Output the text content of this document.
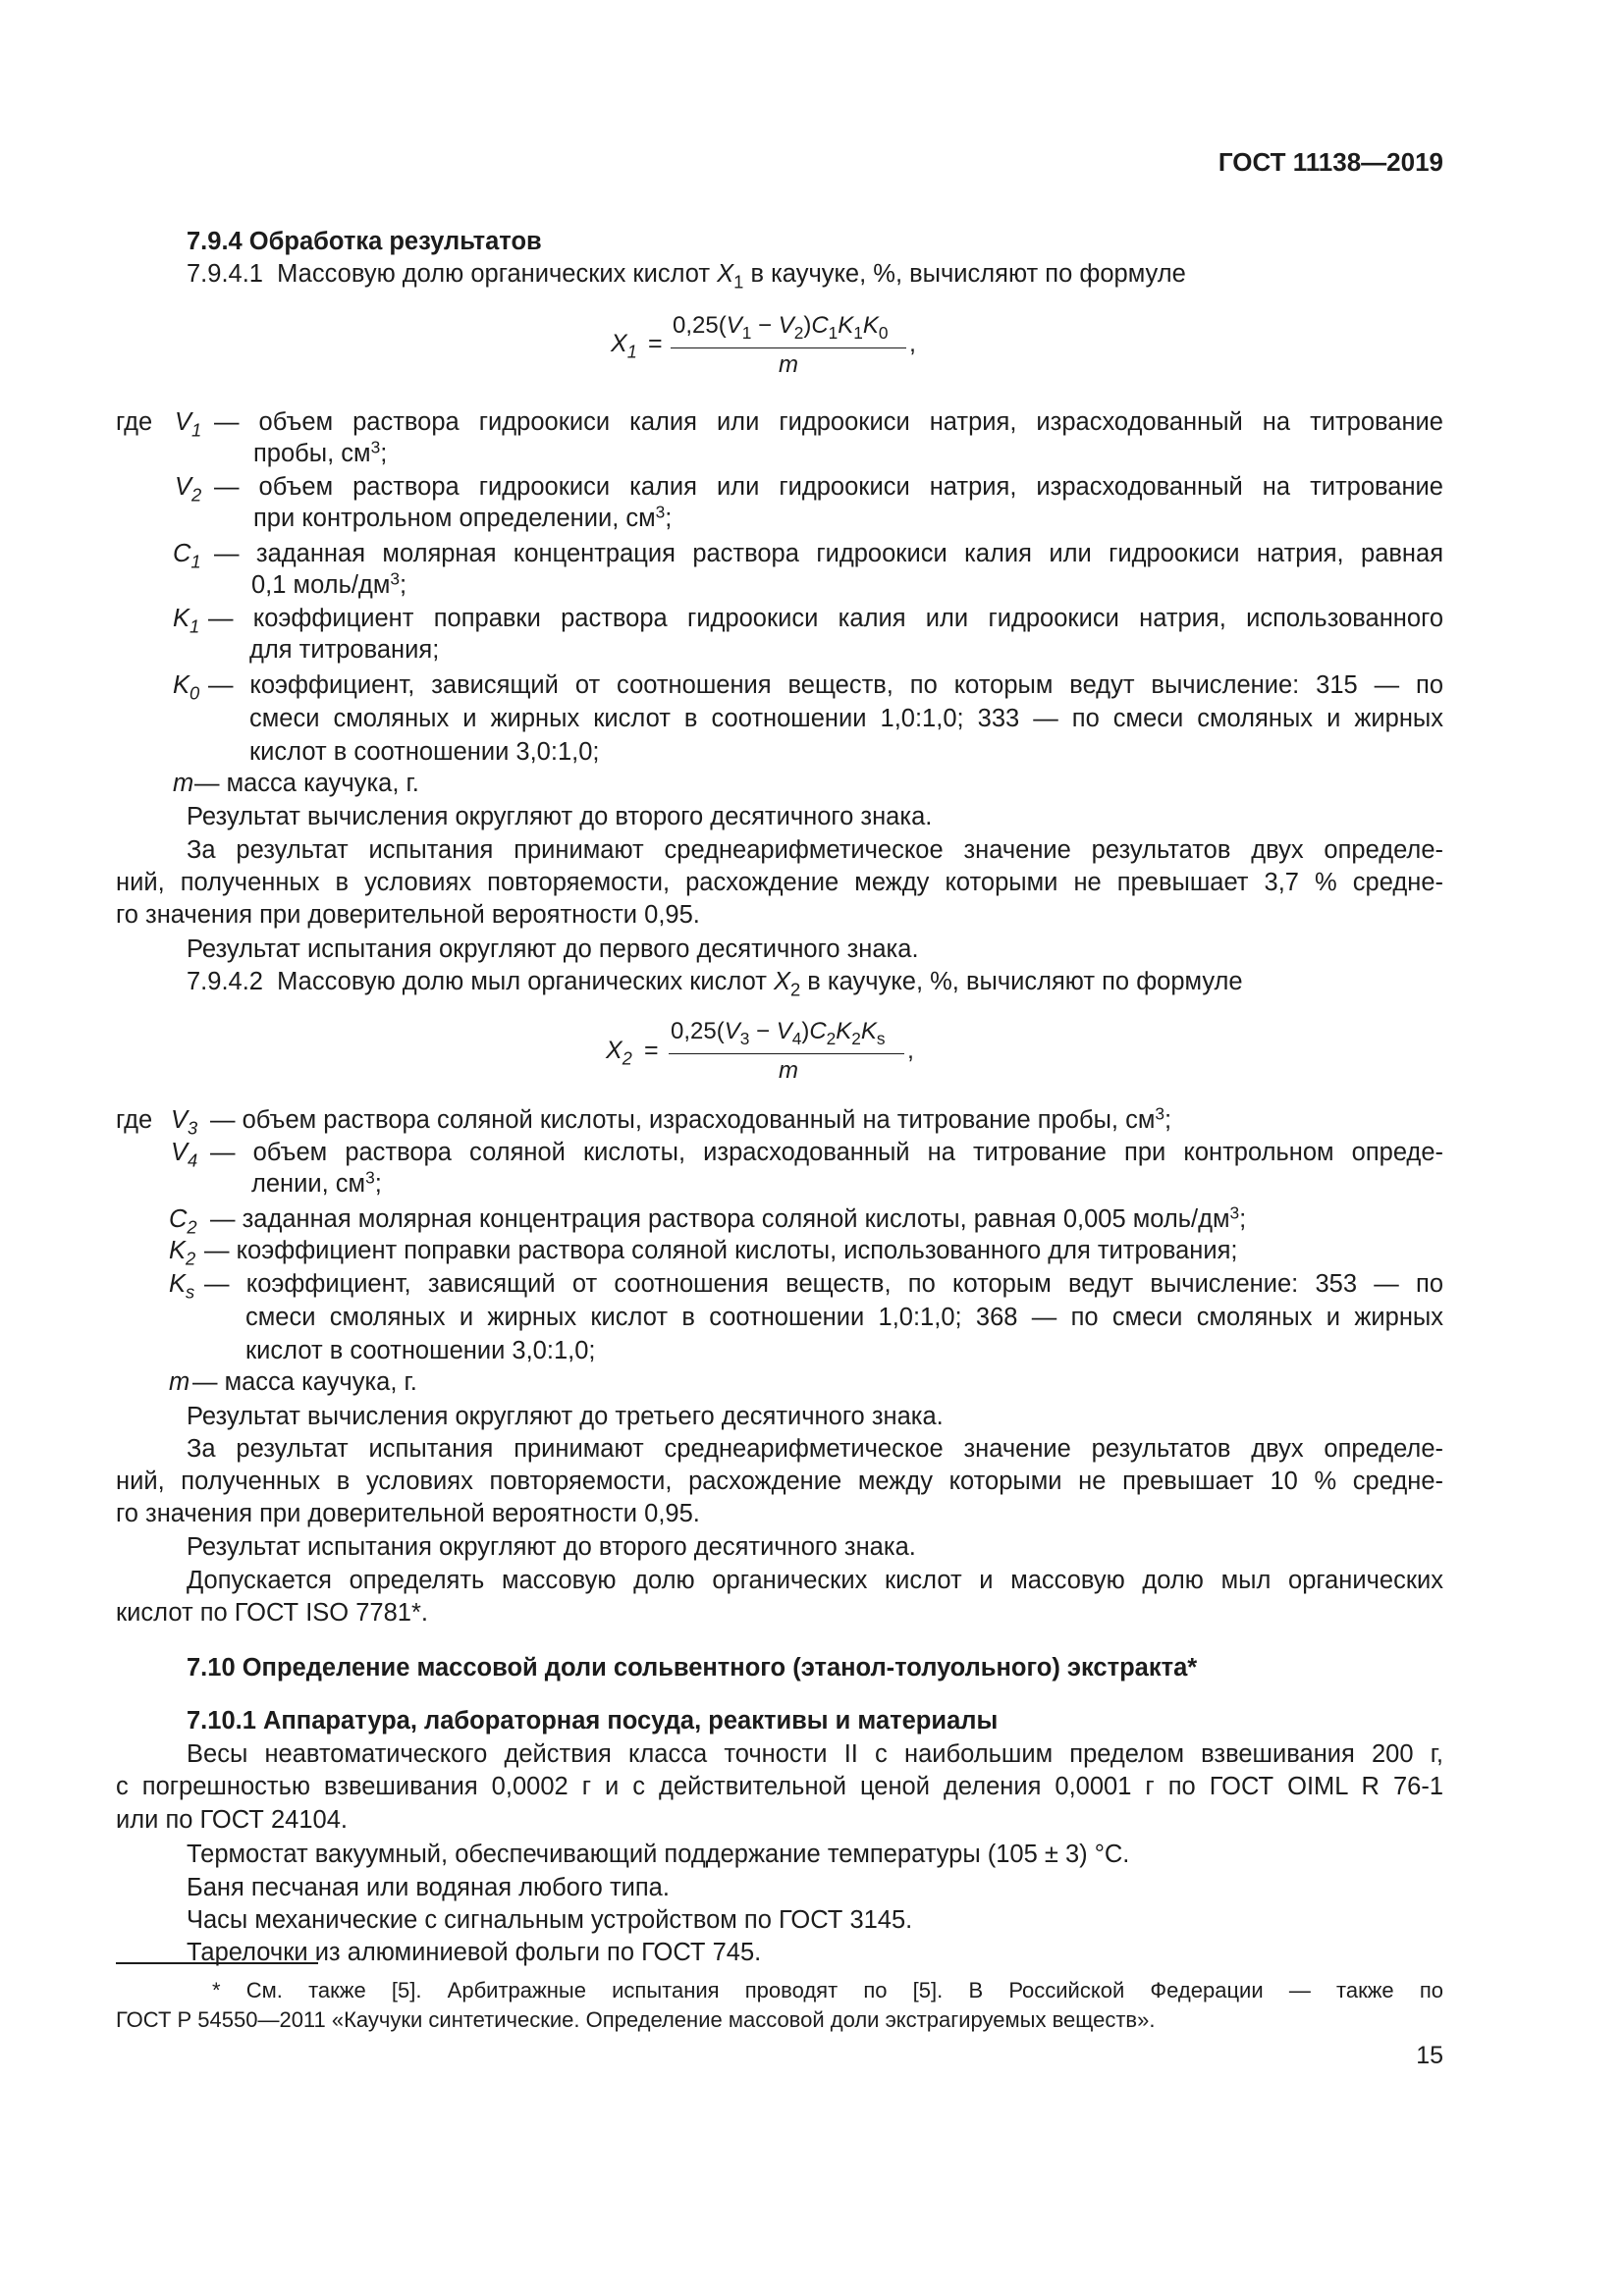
ГОСТ 11138—2019
7.9.4 Обработка результатов
7.9.4.1 Массовую долю органических кислот $X_1$ в каучуке, %, вычисляют по формуле
$X_1$ =
$0,25(V_1 - V_2)C_1K_1K_0$
m
,
где $V_1$ — объем раствора гидроокиси калия или гидроокиси натрия, израсходованный на титрование
пробы, $см^3$;
$V_2$ — объем раствора гидроокиси калия или гидроокиси натрия, израсходованный на титрование
при контрольном определении, $см^3$;
$C_1$ — заданная молярная концентрация раствора гидроокиси калия или гидроокиси натрия, равная
0,1 моль/$дм^3$;
$K_1$ — коэффициент поправки раствора гидроокиси калия или гидроокиси натрия, использованного
для титрования;
$K_0$ — коэффициент, зависящий от соотношения веществ, по которым ведут вычисление: 315 — по
смеси смоляных и жирных кислот в соотношении 1,0:1,0; 333 — по смеси смоляных и жирных
кислот в соотношении 3,0:1,0;
m — масса каучука, г.
Результат вычисления округляют до второго десятичного знака.
За результат испытания принимают среднеарифметическое значение результатов двух определе-
ний, полученных в условиях повторяемости, расхождение между которыми не превышает 3,7 % средне-
го значения при доверительной вероятности 0,95.
Результат испытания округляют до первого десятичного знака.
7.9.4.2 Массовую долю мыл органических кислот $X_2$ в каучуке, %, вычисляют по формуле
$X_2$ =
$0,25(V_3 - V_4)C_2K_2K_s$
m
,
где $V_3$ — объем раствора соляной кислоты, израсходованный на титрование пробы, $см^3$;
$V_4$ — объем раствора соляной кислоты, израсходованный на титрование при контрольном опреде-
лении, $см^3$;
$C_2$ — заданная молярная концентрация раствора соляной кислоты, равная 0,005 моль/$дм^3$;
$K_2$ — коэффициент поправки раствора соляной кислоты, использованного для титрования;
$K_s$ — коэффициент, зависящий от соотношения веществ, по которым ведут вычисление: 353 — по
смеси смоляных и жирных кислот в соотношении 1,0:1,0; 368 — по смеси смоляных и жирных
кислот в соотношении 3,0:1,0;
m — масса каучука, г.
Результат вычисления округляют до третьего десятичного знака.
За результат испытания принимают среднеарифметическое значение результатов двух определе-
ний, полученных в условиях повторяемости, расхождение между которыми не превышает 10 % средне-
го значения при доверительной вероятности 0,95.
Результат испытания округляют до второго десятичного знака.
Допускается определять массовую долю органических кислот и массовую долю мыл органических
кислот по ГОСТ ISO 7781*.
7.10 Определение массовой доли сольвентного (этанол-толуольного) экстракта*
7.10.1 Аппаратура, лабораторная посуда, реактивы и материалы
Весы неавтоматического действия класса точности II с наибольшим пределом взвешивания 200 г,
с погрешностью взвешивания 0,0002 г и с действительной ценой деления 0,0001 г по ГОСТ OIML R 76-1
или по ГОСТ 24104.
Термостат вакуумный, обеспечивающий поддержание температуры (105 ± 3) °C.
Баня песчаная или водяная любого типа.
Часы механические с сигнальным устройством по ГОСТ 3145.
Тарелочки из алюминиевой фольги по ГОСТ 745.
* См. также [5]. Арбитражные испытания проводят по [5]. В Российской Федерации — также по
ГОСТ Р 54550—2011 «Каучуки синтетические. Определение массовой доли экстрагируемых веществ».
15
